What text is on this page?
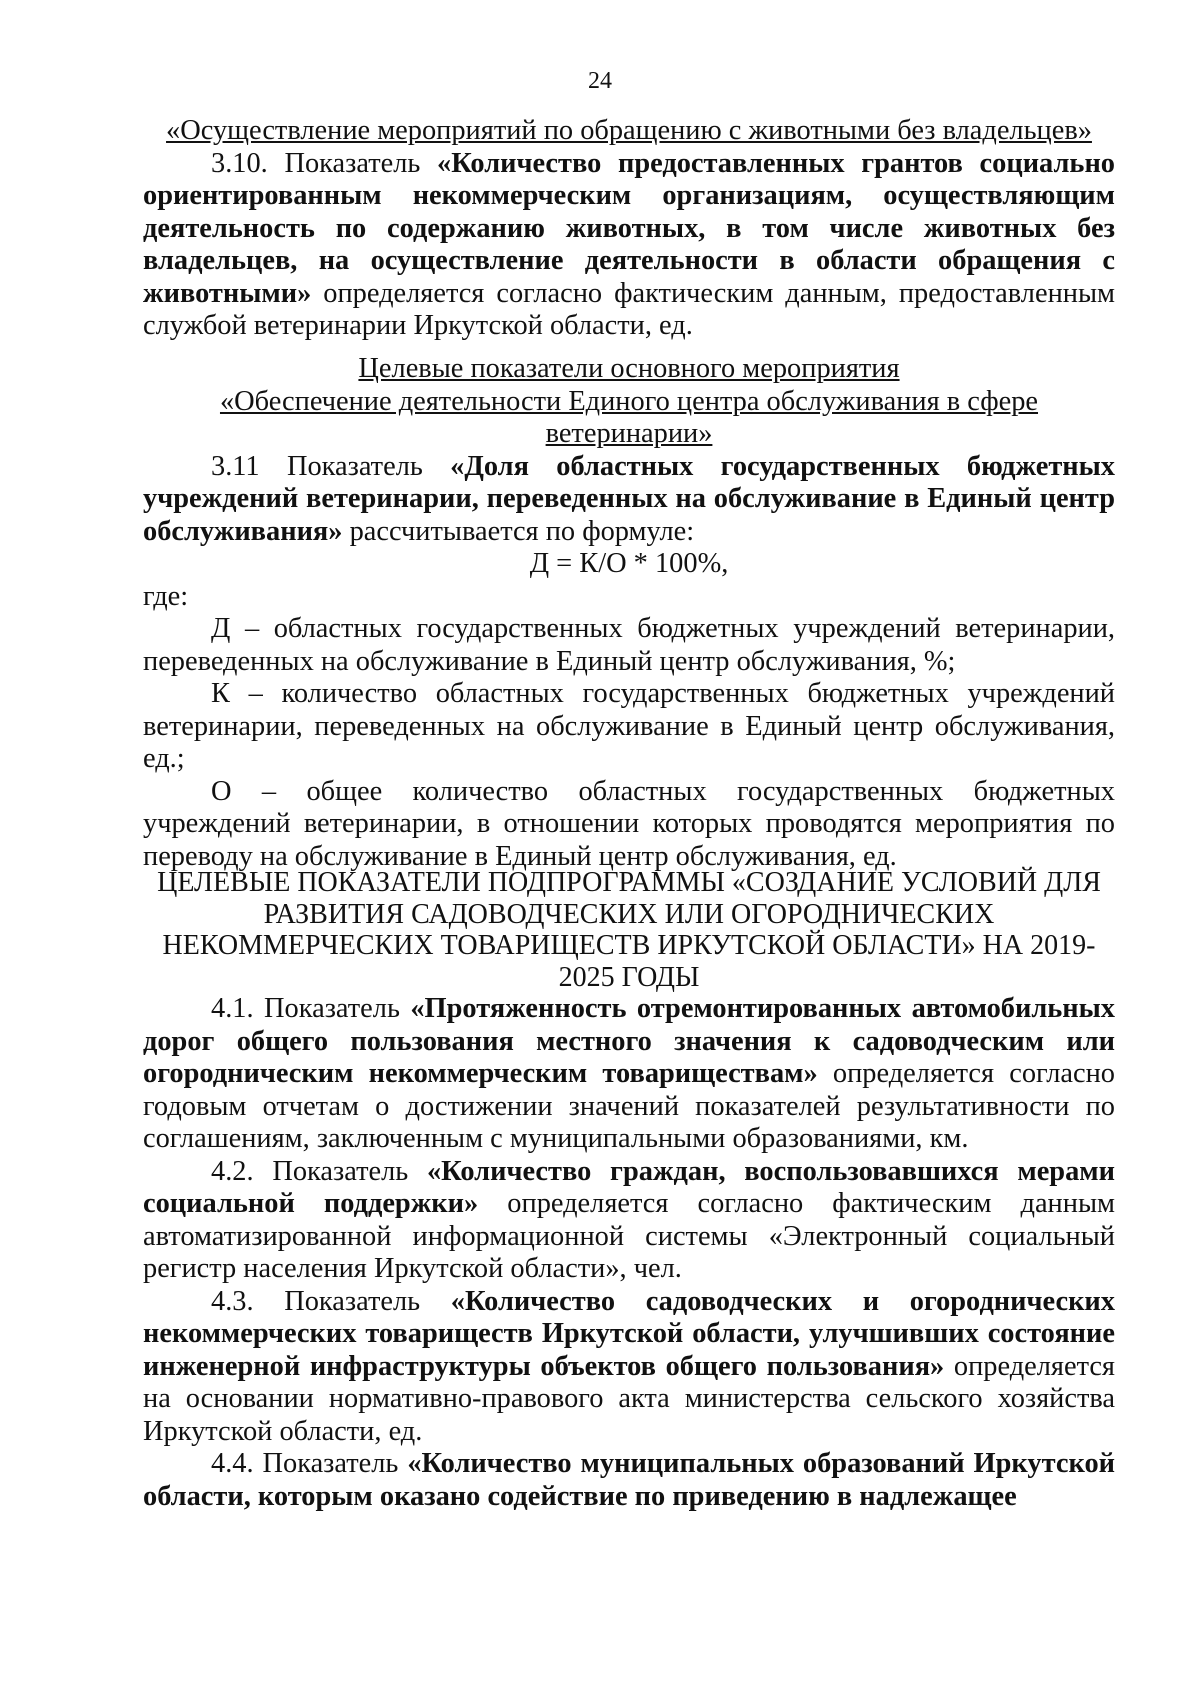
24

«Осуществление мероприятий по обращению с животными без владельцев»

3.10. Показатель «Количество предоставленных грантов социально ориентированным некоммерческим организациям, осуществляющим деятельность по содержанию животных, в том числе животных без владельцев, на осуществление деятельности в области обращения с животными» определяется согласно фактическим данным, предоставленным службой ветеринарии Иркутской области, ед.

Целевые показатели основного мероприятия
«Обеспечение деятельности Единого центра обслуживания в сфере
ветеринарии»

3.11 Показатель «Доля областных государственных бюджетных учреждений ветеринарии, переведенных на обслуживание в Единый центр обслуживания» рассчитывается по формуле:

Д = К/О * 100%,

где:

Д – областных государственных бюджетных учреждений ветеринарии, переведенных на обслуживание в Единый центр обслуживания, %;

К – количество областных государственных бюджетных учреждений ветеринарии, переведенных на обслуживание в Единый центр обслуживания, ед.;

О – общее количество областных государственных бюджетных учреждений ветеринарии, в отношении которых проводятся мероприятия по переводу на обслуживание в Единый центр обслуживания, ед.

ЦЕЛЕВЫЕ ПОКАЗАТЕЛИ ПОДПРОГРАММЫ «СОЗДАНИЕ УСЛОВИЙ ДЛЯ
РАЗВИТИЯ САДОВОДЧЕСКИХ ИЛИ ОГОРОДНИЧЕСКИХ
НЕКОММЕРЧЕСКИХ ТОВАРИЩЕСТВ ИРКУТСКОЙ ОБЛАСТИ» НА 2019-
2025 ГОДЫ

4.1. Показатель «Протяженность отремонтированных автомобильных дорог общего пользования местного значения к садоводческим или огородническим некоммерческим товариществам» определяется согласно годовым отчетам о достижении значений показателей результативности по соглашениям, заключенным с муниципальными образованиями, км.

4.2. Показатель «Количество граждан, воспользовавшихся мерами социальной поддержки» определяется согласно фактическим данным автоматизированной информационной системы «Электронный социальный регистр населения Иркутской области», чел.

4.3. Показатель «Количество садоводческих и огороднических некоммерческих товариществ Иркутской области, улучшивших состояние инженерной инфраструктуры объектов общего пользования» определяется на основании нормативно-правового акта министерства сельского хозяйства Иркутской области, ед.

4.4. Показатель «Количество муниципальных образований Иркутской области, которым оказано содействие по приведению в надлежащее
